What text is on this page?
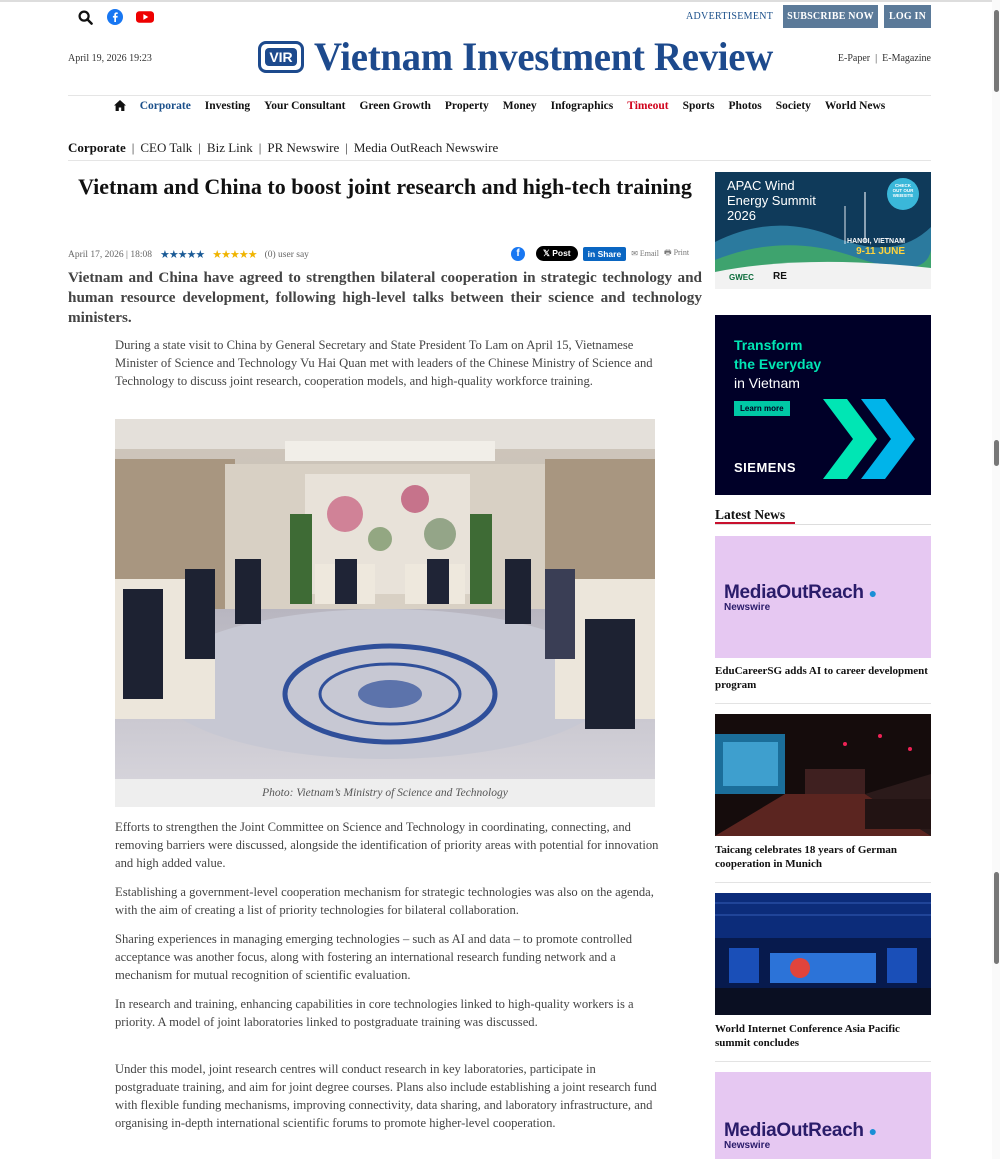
ADVERTISEMENT	SUBSCRIBE NOW	LOG IN
April 19, 2026 19:23	VIR Vietnam Investment Review	E-Paper | E-Magazine
Corporate Investing Your Consultant Green Growth Property Money Infographics Timeout Sports Photos Society World News
Corporate | CEO Talk | Biz Link | PR Newswire | Media OutReach Newswire
Vietnam and China to boost joint research and high-tech training
April 17, 2026 | 18:08 ★★★★★ ★★★★★ (0) user say	f	𝕏 Post	in Share	✉ Email 🖶 Print

Vietnam and China have agreed to strengthen bilateral cooperation in strategic technology and human resource development, following high-level talks between their science and technology ministers.

During a state visit to China by General Secretary and State President To Lam on April 15, Vietnamese Minister of Science and Technology Vu Hai Quan met with leaders of the Chinese Ministry of Science and Technology to discuss joint research, cooperation models, and high-quality workforce training.

Photo: Vietnam’s Ministry of Science and Technology

Efforts to strengthen the Joint Committee on Science and Technology in coordinating, connecting, and removing barriers were discussed, alongside the identification of priority areas with potential for innovation and high added value.

Establishing a government-level cooperation mechanism for strategic technologies was also on the agenda, with the aim of creating a list of priority technologies for bilateral collaboration.

Sharing experiences in managing emerging technologies – such as AI and data – to promote controlled acceptance was another focus, along with fostering an international research funding network and a mechanism for mutual recognition of scientific evaluation.

In research and training, enhancing capabilities in core technologies linked to high-quality workers is a priority. A model of joint laboratories linked to postgraduate training was discussed.

Under this model, joint research centres will conduct research in key laboratories, participate in postgraduate training, and aim for joint degree courses. Plans also include establishing a joint research fund with flexible funding mechanisms, improving connectivity, data sharing, and laboratory infrastructure, and organising in-depth international scientific forums to promote higher-level cooperation.

APAC Wind Energy Summit 2026
CHECK OUT OUR WEBSITE
HANOI, VIETNAM
9-11 JUNE
GWEC RE
Transform
the Everyday
in Vietnam
Learn more
SIEMENS
Latest News
MediaOutReach ●
Newswire
EduCareerSG adds AI to career development program
Taicang celebrates 18 years of German cooperation in Munich
World Internet Conference Asia Pacific summit concludes
MediaOutReach ●
Newswire
